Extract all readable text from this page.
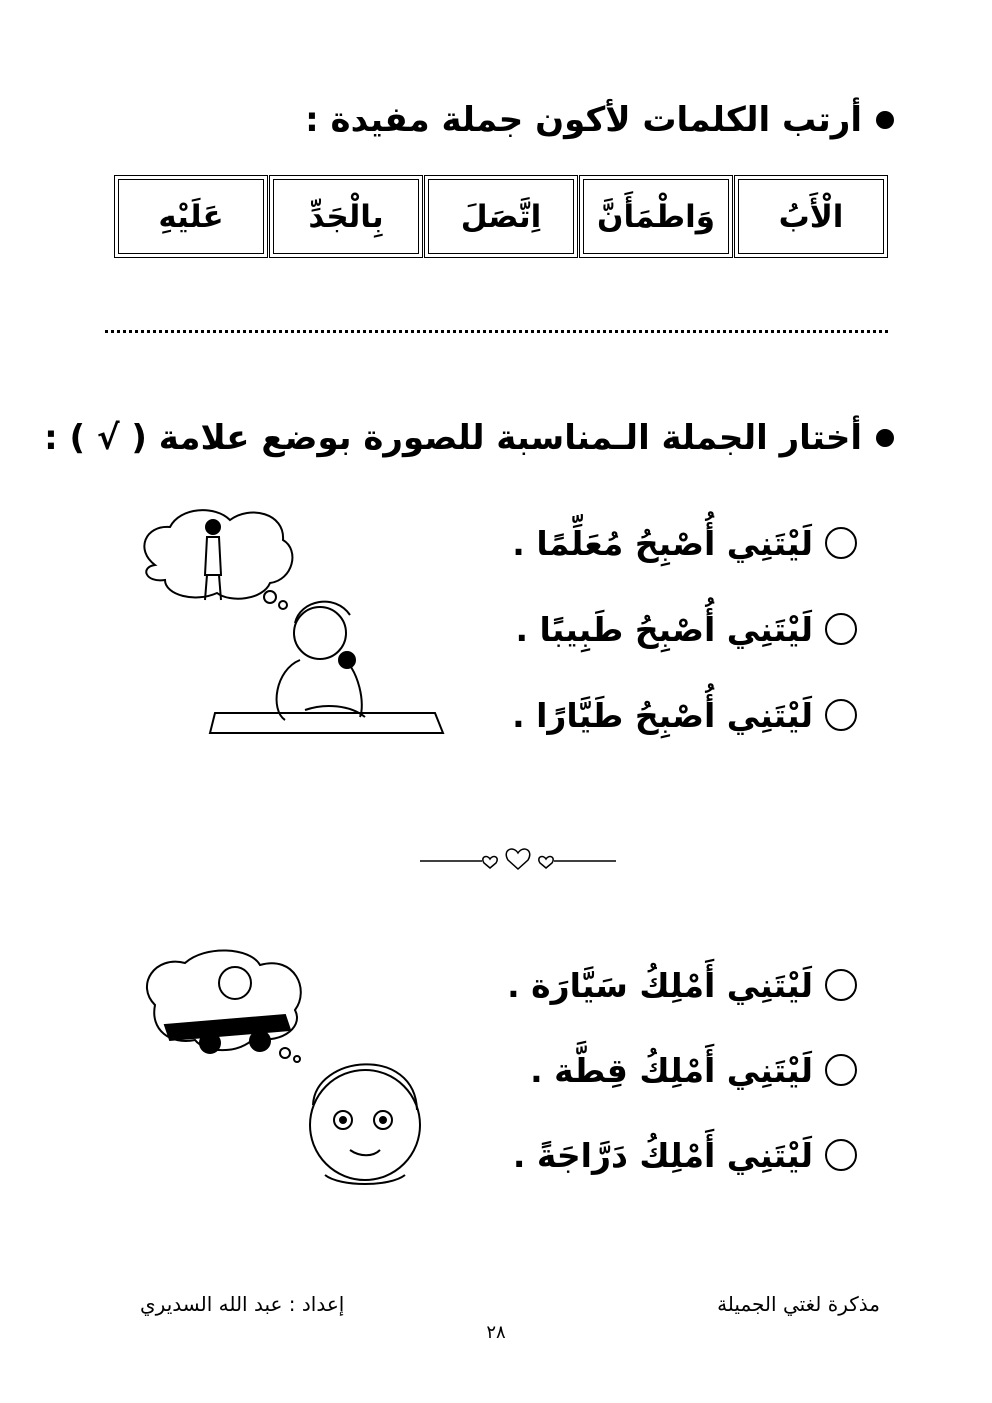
أرتب الكلمات لأكون جملة مفيدة :
الْأَبُ
وَاطْمَأَنَّ
اِتَّصَلَ
بِالْجَدِّ
عَلَيْهِ
أختار الجملة الـمناسبة للصورة بوضع علامة ( √ ) :
لَيْتَنِي أُصْبِحُ مُعَلِّمًا .
لَيْتَنِي أُصْبِحُ طَبِيبًا .
لَيْتَنِي أُصْبِحُ طَيَّارًا .
لَيْتَنِي أَمْلِكُ سَيَّارَة .
لَيْتَنِي أَمْلِكُ قِطَّة .
لَيْتَنِي أَمْلِكُ دَرَّاجَةً .
مذكرة لغتي الجميلة
إعداد : عبد الله السديري
٢٨
